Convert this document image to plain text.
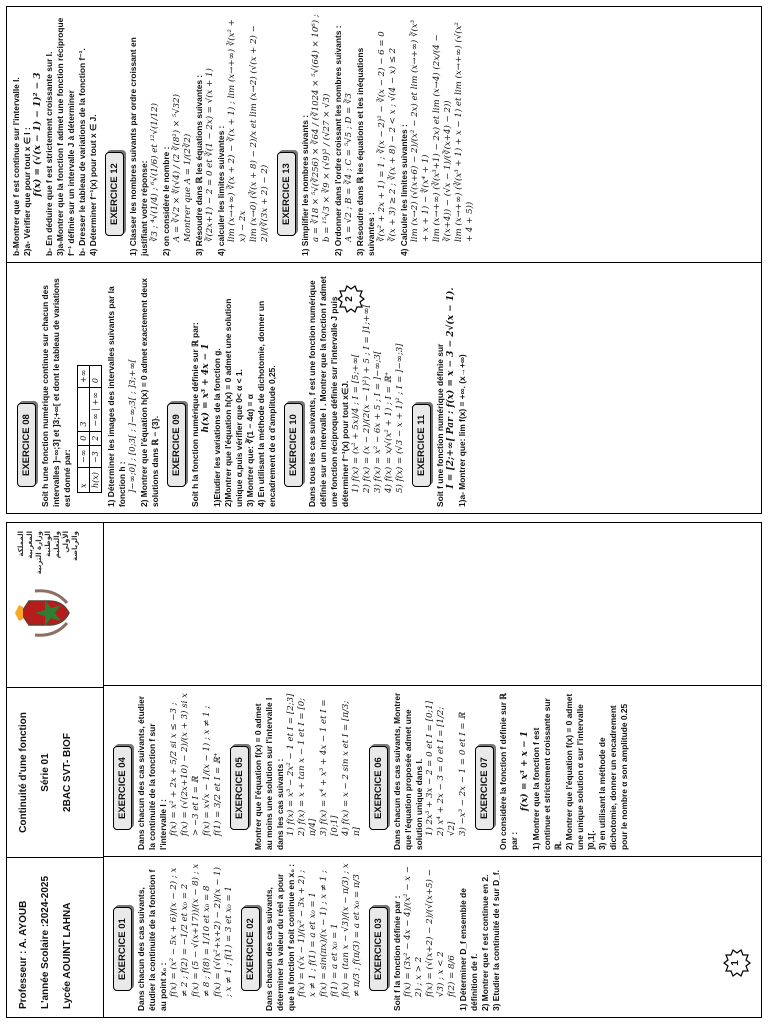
Professeur : A. AYOUB	L'année Scolaire :2024-2025	Lycée AOUINT LAHNA
Continuité d'une fonction	Série 01	2BAC SVT- BIOF
المملكة المغربية وزارة التربية الوطنية والتعليم الأولي والرياضة
EXERCICE 01 Dans chacun des cas suivants, étudier la continuité de la fonction f au point x₀ : f(x) = (x² − 5x + 6)/(x − 2) ; x ≠ 2 ; f(2) = −1/2 et x₀ = 2 f(x) = (5 − √(x+17))/(x − 8) ; x ≠ 8 ; f(8) = 1/10 et x₀ = 8 f(x) = (√(x²+x+2) − 2)/(x − 1) ; x ≠ 1 ; f(1) = 3 et x₀ = 1 EXERCICE 02 Dans chacun des cas suivants, déterminer la valeur du réel a pour que la fonction f soit continue en x₀ : f(x) = (√x − 1)/(x² − 3x + 2) ; x ≠ 1 ; f(1) = a et x₀ = 1 f(x) = sin(πx)/(x − 1) ; x ≠ 1 ; f(1) = a et x₀ = 1 f(x) = (tan x − √3)/(x − π/3) ; x ≠ π/3 ; f(π/3) = a et x₀ = π/3 EXERCICE 03 Soit f la fonction définie par : f(x) = (3x² − 4x − 4)/(x² − x − 2) ; x > 2 f(x) = (√(x+2) − 2)/(√(x+5) − √3) ; x < 2 f(2) = 8/6 1) Déterminer D_f ensemble de définition de f. 2) Montrer que f est continue en 2. 3) Etudier la continuité de f sur D_f.

EXERCICE 04 Dans chacun des cas suivants, étudier la continuité de la fonction f sur l'intervalle I : f(x) = x² + 2x + 5/2 si x ≤ −3 ; f(x) = (√(2x+10) − 2)/(x + 3) si x > −3 et I = ℝ f(x) = x√x − 1/(x − 1) ; x ≠ 1 ; f(1) = 3/2 et I = ℝ⁺ EXERCICE 05 Montrer que l'équation f(x) = 0 admet au moins une solution sur l'intervalle I dans les cas suivants : 1) f(x) = x³ − 2x² − 1 et I = [2;3] 2) f(x) = x + tan x − 1 et I = [0; π/4] 3) f(x) = x⁴ + x³ + 4x − 1 et I = [0;1] 4) f(x) = x − 2 sin x et I = [π/3; π]
EXERCICE 06 Dans chacun des cas suivants, Montrer que l'équation proposée admet une solution unique dans I. 1) 2x³ + 3x − 2 = 0 et I = [0;1] 2) x⁴ + 2x − 3 = 0 et I = [1/2; √2] 3) −x³ − 2x − 1 = 0 et I = ℝ EXERCICE 07 On considère la fonction f définie sur ℝ par :

f(x) = x³ + x − 1 1) Montrer que la fonction f est continue et strictement croissante sur ℝ. 2) Montrer que l'équation f(x) = 0 admet une unique solution α sur l'intervalle ]0,1[. 3) en utilisant la méthode de dichotomie, donner un encadrement pour le nombre α son amplitude 0.25

1
EXERCICE 08 Soit h une fonction numérique continue sur chacun des intervalles ]−∞;3] et ]3;+∞[ et dont le tableau de variations est donné par: x	−∞	0	3	+∞
h(x)	−3	2	−∞ | +∞	0 1) Déterminer les images des intervalles suivants par la fonction h : ]−∞;0] ; [0;3[ ; ]−∞;3[ ; ]3;+∞[ 2) Montrer que l'équation h(x) = 0 admet exactement deux solutions dans ℝ − {3}. EXERCICE 09 Soit h la fonction numérique définie sur ℝ par: h(x) = x³ + 4x − 1 1)Etudier les variations de la fonction g. 2)Montrer que l'équation h(x) = 0 admet une solution unique α,puis vérifier que 0< α < 1. 3) Montrer que: ∛(1 − 4α) = α 4) En utilisant la méthode de dichotomie, donner un encadrement de α d'amplitude 0,25. EXERCICE 10 Dans tous les cas suivants, f est une fonction numérique définie sur un intervalle I . Montrer que la fonction f admet une fonction réciproque définie sur l'intervalle J puis déterminer f⁻¹(x) pour tout x∈J. 1) f(x) = (x² + 5x)/4 ; I = [5;+∞[ 2) f(x) = (x − 2)/(2(x − 1)²) + 5 ; I = ]1;+∞[ 3) f(x) = x² − 6x + 5 ; I = ]−∞;3[ 4) f(x) = x/√(x² + 1) ; I = ℝ⁺ 5) f(x) = (√3 − x + 1)² ; I = ]−∞;3] EXERCICE 11 Soit f une fonction numérique définie sur I = [2;+∞[ Par : f(x) = x − 3 − 2√(x − 1). 1)a- Montrer que: lim f(x) = +∞. (x→+∞)

b-Montrer que f est continue sur l'intervalle I. 2)a- Vérifier que pour tout x ∈ I : f(x) = (√(x − 1) − 1)² − 3 b- En déduire que f est strictement croissante sur I. 3)a-Montrer que la fonction f admet une fonction réciproque f⁻¹ définie sur un intervalle J à déterminer b- Dresser le tableau de variations de la fonction f⁻¹. 4) Déterminer f⁻¹(x) pour tout x ∈ J. EXERCICE 12 1) Classer les nombres suivants par ordre croissant en justifiant votre réponse: ∛3 ; ⁴√(1/4) ; ⁶√(1/6) et ¹²√(1/12) 2) on considère le nombre : A = ∛√2 × ∜(√4) / (2 ∛(8²) × ⁵√32) Montrer que A = 1/(2∛2) 3) Résoudre dans ℝ les équations suivantes : ∛(2x+1) − 2 = 0 et ∛(1 − 2x) = √(x + 1) 4) calculer les limites suivantes : lim (x→+∞) ∛(x + 2) − ∛(x + 1) ; lim (x→+∞) ∛(x² + x) − 2x lim (x→0) (∛(x + 8) − 2)/x et lim (x→2) (√(x + 2) − 2)/(∛(3x + 2) − 2) EXERCICE 13 1) Simplifier les nombres suivants : a = ∛18 × ⁵√(∛256) × ∛64 / (∛1024 × ⁵√(64) × 10⁶) ; b = ¹⁵√3 × ∛9 × (√9)³ / (√27 × √3) 2) Ordonner dans l'ordre croissant les nombres suivants : A = √2 ; B = ∛4 ; C = ⁵√5 ; D = ∛3 3) Résoudre dans ℝ les équations et les inéquations suivantes : ∛(x² + 2x + 1) = 1 ; ∛(x − 2)² − ∛(x − 2) − 6 = 0 ∛(x + 3) ≥ 2 ; ∛(x + 8) − 2 < x ; √(4 − x) ≤ 2 4) Calculer les limites suivantes : lim (x→2) (√(x+6) − 2)/(x² − 2x) et lim (x→+∞) ∛(x³ + x + 1) − ∜(x⁴ + 1) lim (x→+∞) (∛(x³+1) − 2x) et lim (x→4) (2x/(4 − ∛(x+4)) − (√x − 1)/(∛(x+4) − 2)) lim (x→+∞) (∛(x³ + 1) + x − 1) et lim (x→+∞) (√(x² + 4 + 5))
2
